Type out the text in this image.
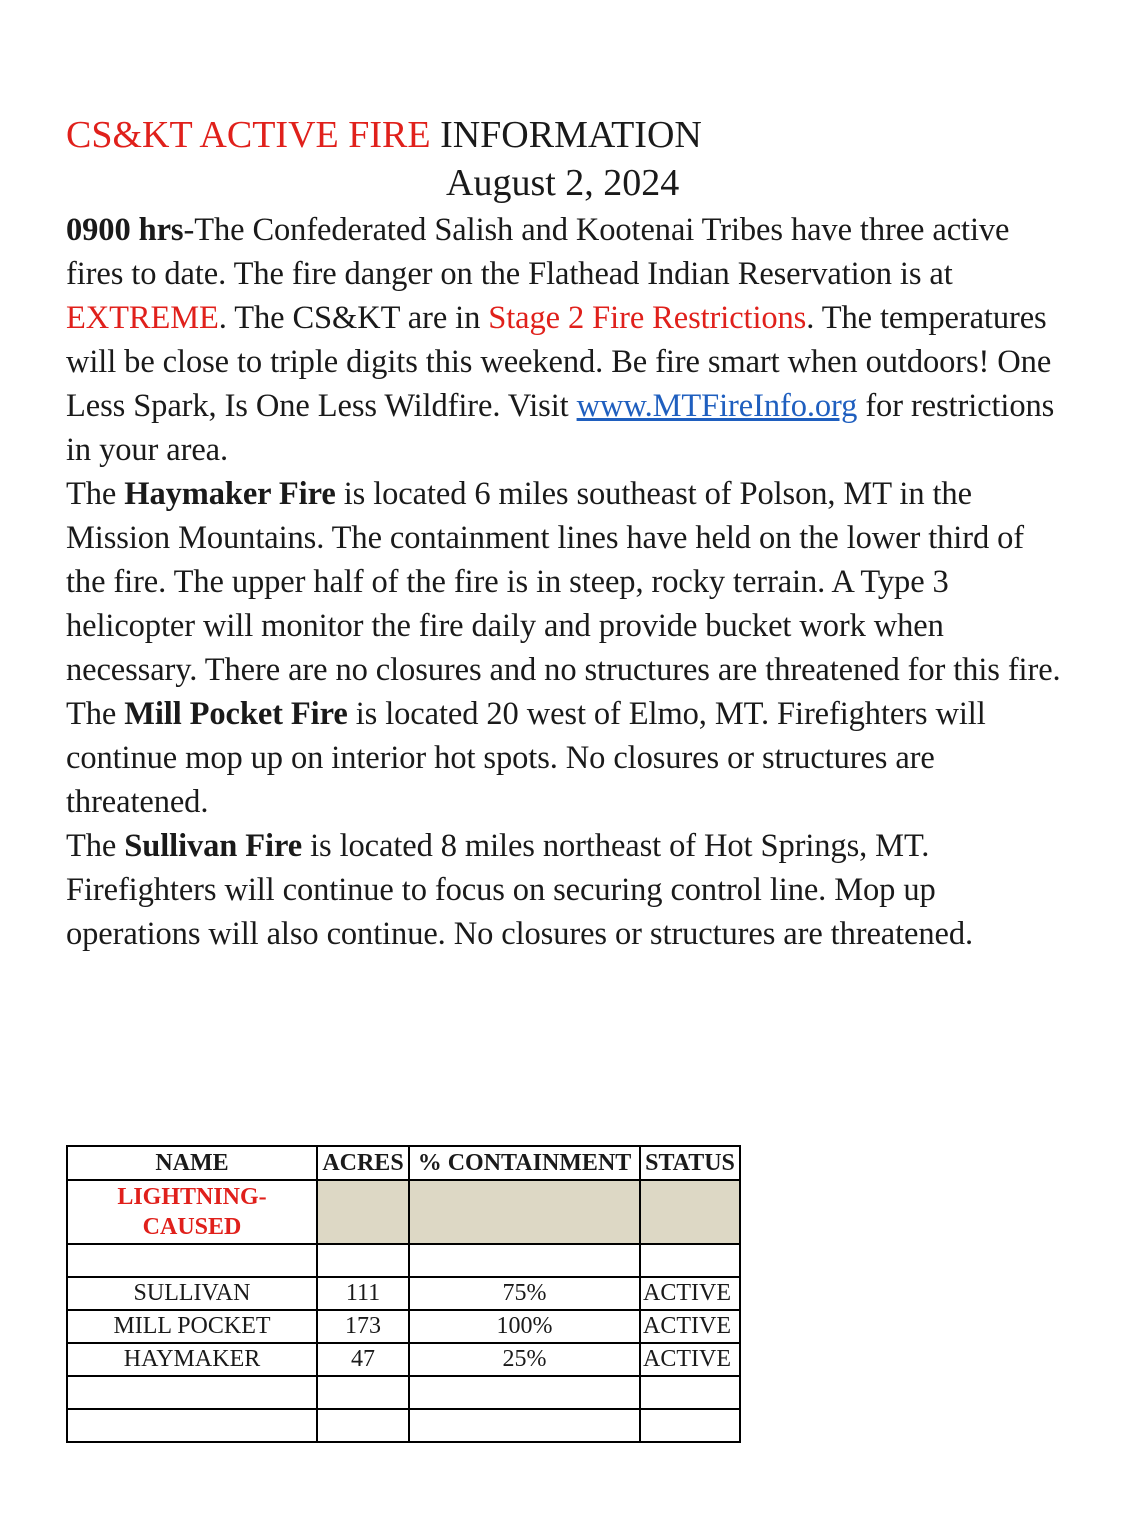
CS&KT ACTIVE FIRE INFORMATION
August 2, 2024

0900 hrs-The Confederated Salish and Kootenai Tribes have three active fires to date. The fire danger on the Flathead Indian Reservation is at EXTREME. The CS&KT are in Stage 2 Fire Restrictions. The temperatures will be close to triple digits this weekend. Be fire smart when outdoors! One Less Spark, Is One Less Wildfire. Visit www.MTFireInfo.org for restrictions in your area.

The Haymaker Fire is located 6 miles southeast of Polson, MT in the Mission Mountains. The containment lines have held on the lower third of the fire. The upper half of the fire is in steep, rocky terrain. A Type 3 helicopter will monitor the fire daily and provide bucket work when necessary. There are no closures and no structures are threatened for this fire.

The Mill Pocket Fire is located 20 west of Elmo, MT. Firefighters will continue mop up on interior hot spots. No closures or structures are threatened.

The Sullivan Fire is located 8 miles northeast of Hot Springs, MT. Firefighters will continue to focus on securing control line. Mop up operations will also continue. No closures or structures are threatened.

NAME	ACRES	% CONTAINMENT	STATUS
LIGHTNING-
CAUSED			

SULLIVAN	111	75%	ACTIVE
MILL POCKET	173	100%	ACTIVE
HAYMAKER	47	25%	ACTIVE
